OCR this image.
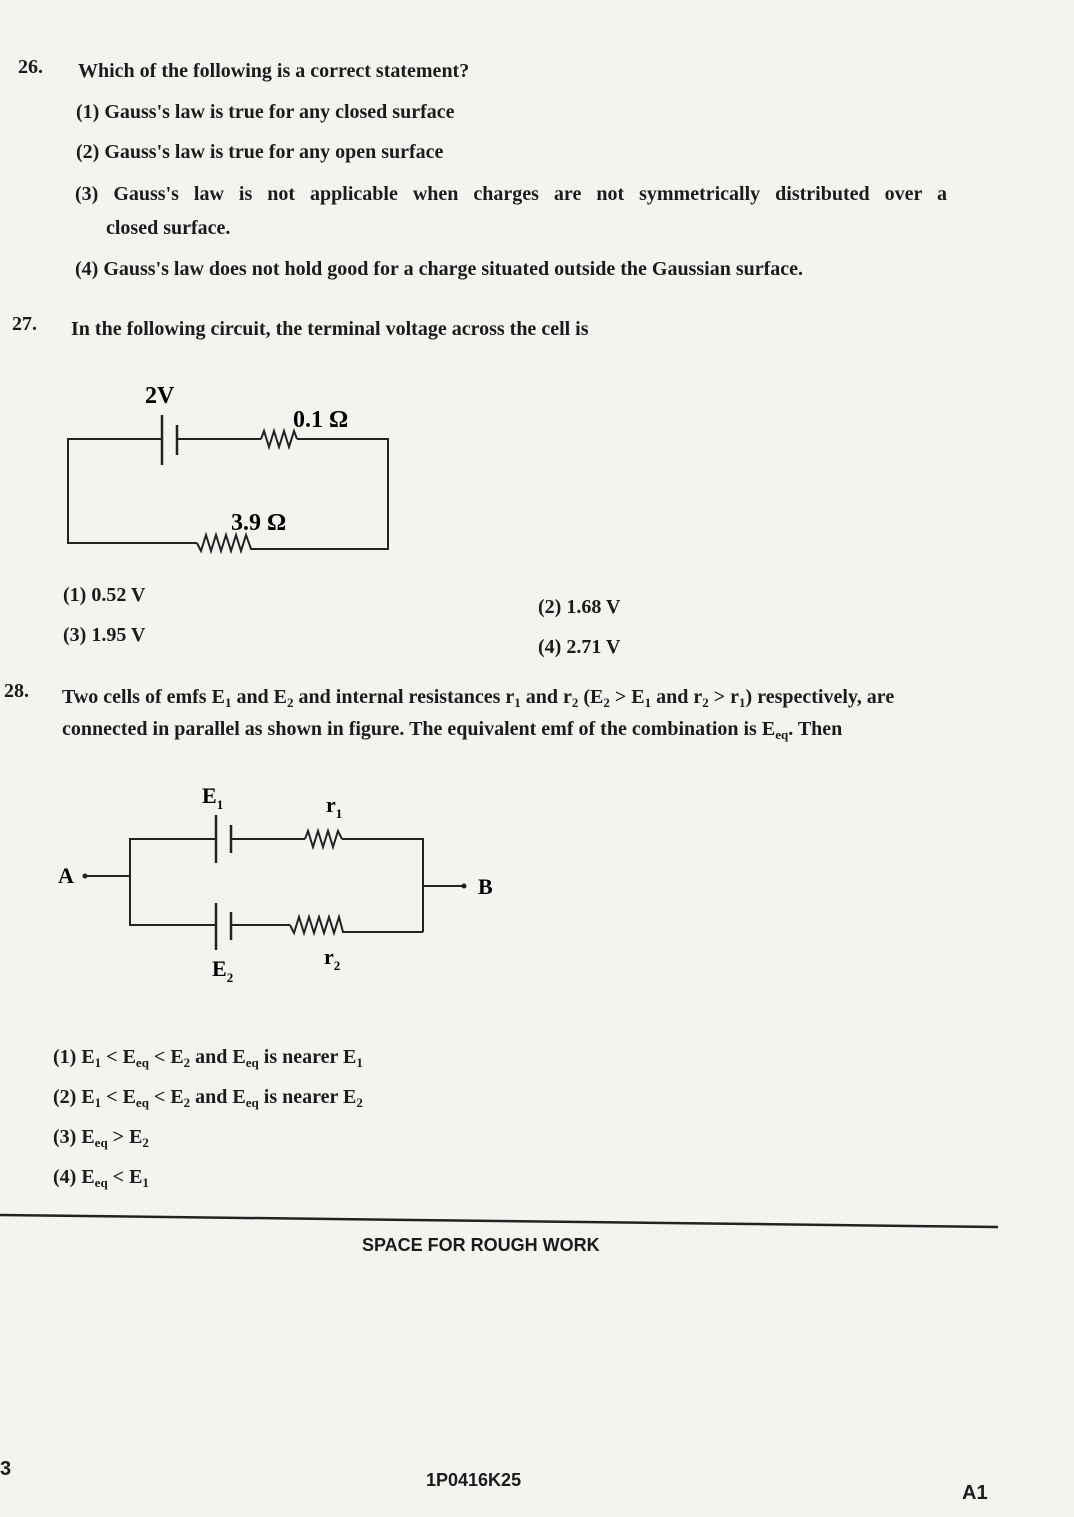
26. Which of the following is a correct statement?
(1) Gauss's law is true for any closed surface
(2) Gauss's law is true for any open surface
(3) Gauss's law is not applicable when charges are not symmetrically distributed over a
closed surface.
(4) Gauss's law does not hold good for a charge situated outside the Gaussian surface.
27. In the following circuit, the terminal voltage across the cell is
2V
0.1 Ω
3.9 Ω
(1) 0.52 V
(2) 1.68 V
(3) 1.95 V
(4) 2.71 V
28. Two cells of emfs $E_1$ and $E_2$ and internal resistances $r_1$ and $r_2$ ($E_2 > E_1$ and $r_2 > r_1$) respectively, are
connected in parallel as shown in figure. The equivalent emf of the combination is $E_{eq}$. Then
A	B
$E_1$	$r_1$
$E_2$
$r_2$
(1) $E_1 < E_{eq} < E_2$ and $E_{eq}$ is nearer $E_1$
(2) $E_1 < E_{eq} < E_2$ and $E_{eq}$ is nearer $E_2$
(3) $E_{eq} > E_2$
(4) $E_{eq} < E_1$
SPACE FOR ROUGH WORK
3	1P0416K25
A1
